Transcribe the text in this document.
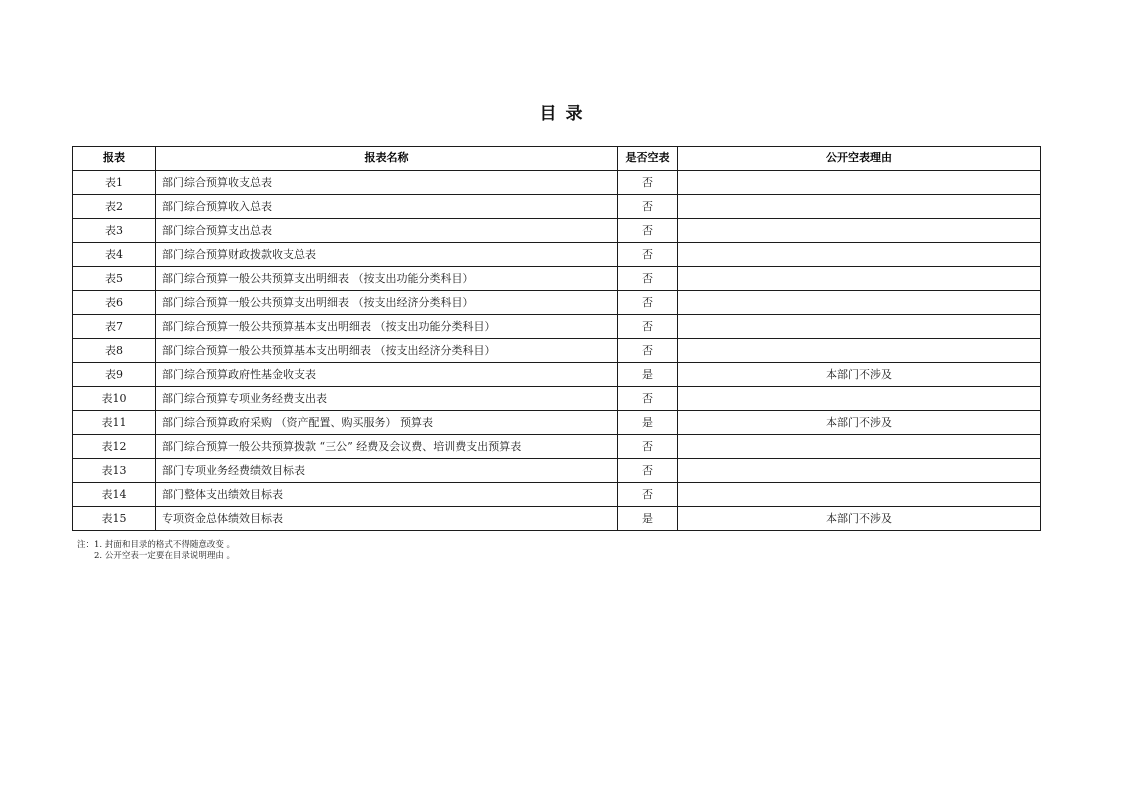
目录
报表	报表名称	是否空表	公开空表理由
表1	部门综合预算收支总表	否	
表2	部门综合预算收入总表	否	
表3	部门综合预算支出总表	否	
表4	部门综合预算财政拨款收支总表	否	
表5	部门综合预算一般公共预算支出明细表 （按支出功能分类科目）	否	
表6	部门综合预算一般公共预算支出明细表 （按支出经济分类科目）	否	
表7	部门综合预算一般公共预算基本支出明细表 （按支出功能分类科目）	否	
表8	部门综合预算一般公共预算基本支出明细表 （按支出经济分类科目）	否	
表9	部门综合预算政府性基金收支表	是	本部门不涉及
表10	部门综合预算专项业务经费支出表	否	
表11	部门综合预算政府采购 （资产配置、购买服务） 预算表	是	本部门不涉及
表12	部门综合预算一般公共预算拨款 “三公” 经费及会议费、培训费支出预算表	否	
表13	部门专项业务经费绩效目标表	否	
表14	部门整体支出绩效目标表	否	
表15	专项资金总体绩效目标表	是	本部门不涉及
注： 1. 封面和目录的格式不得随意改变 。
2. 公开空表一定要在目录说明理由 。
